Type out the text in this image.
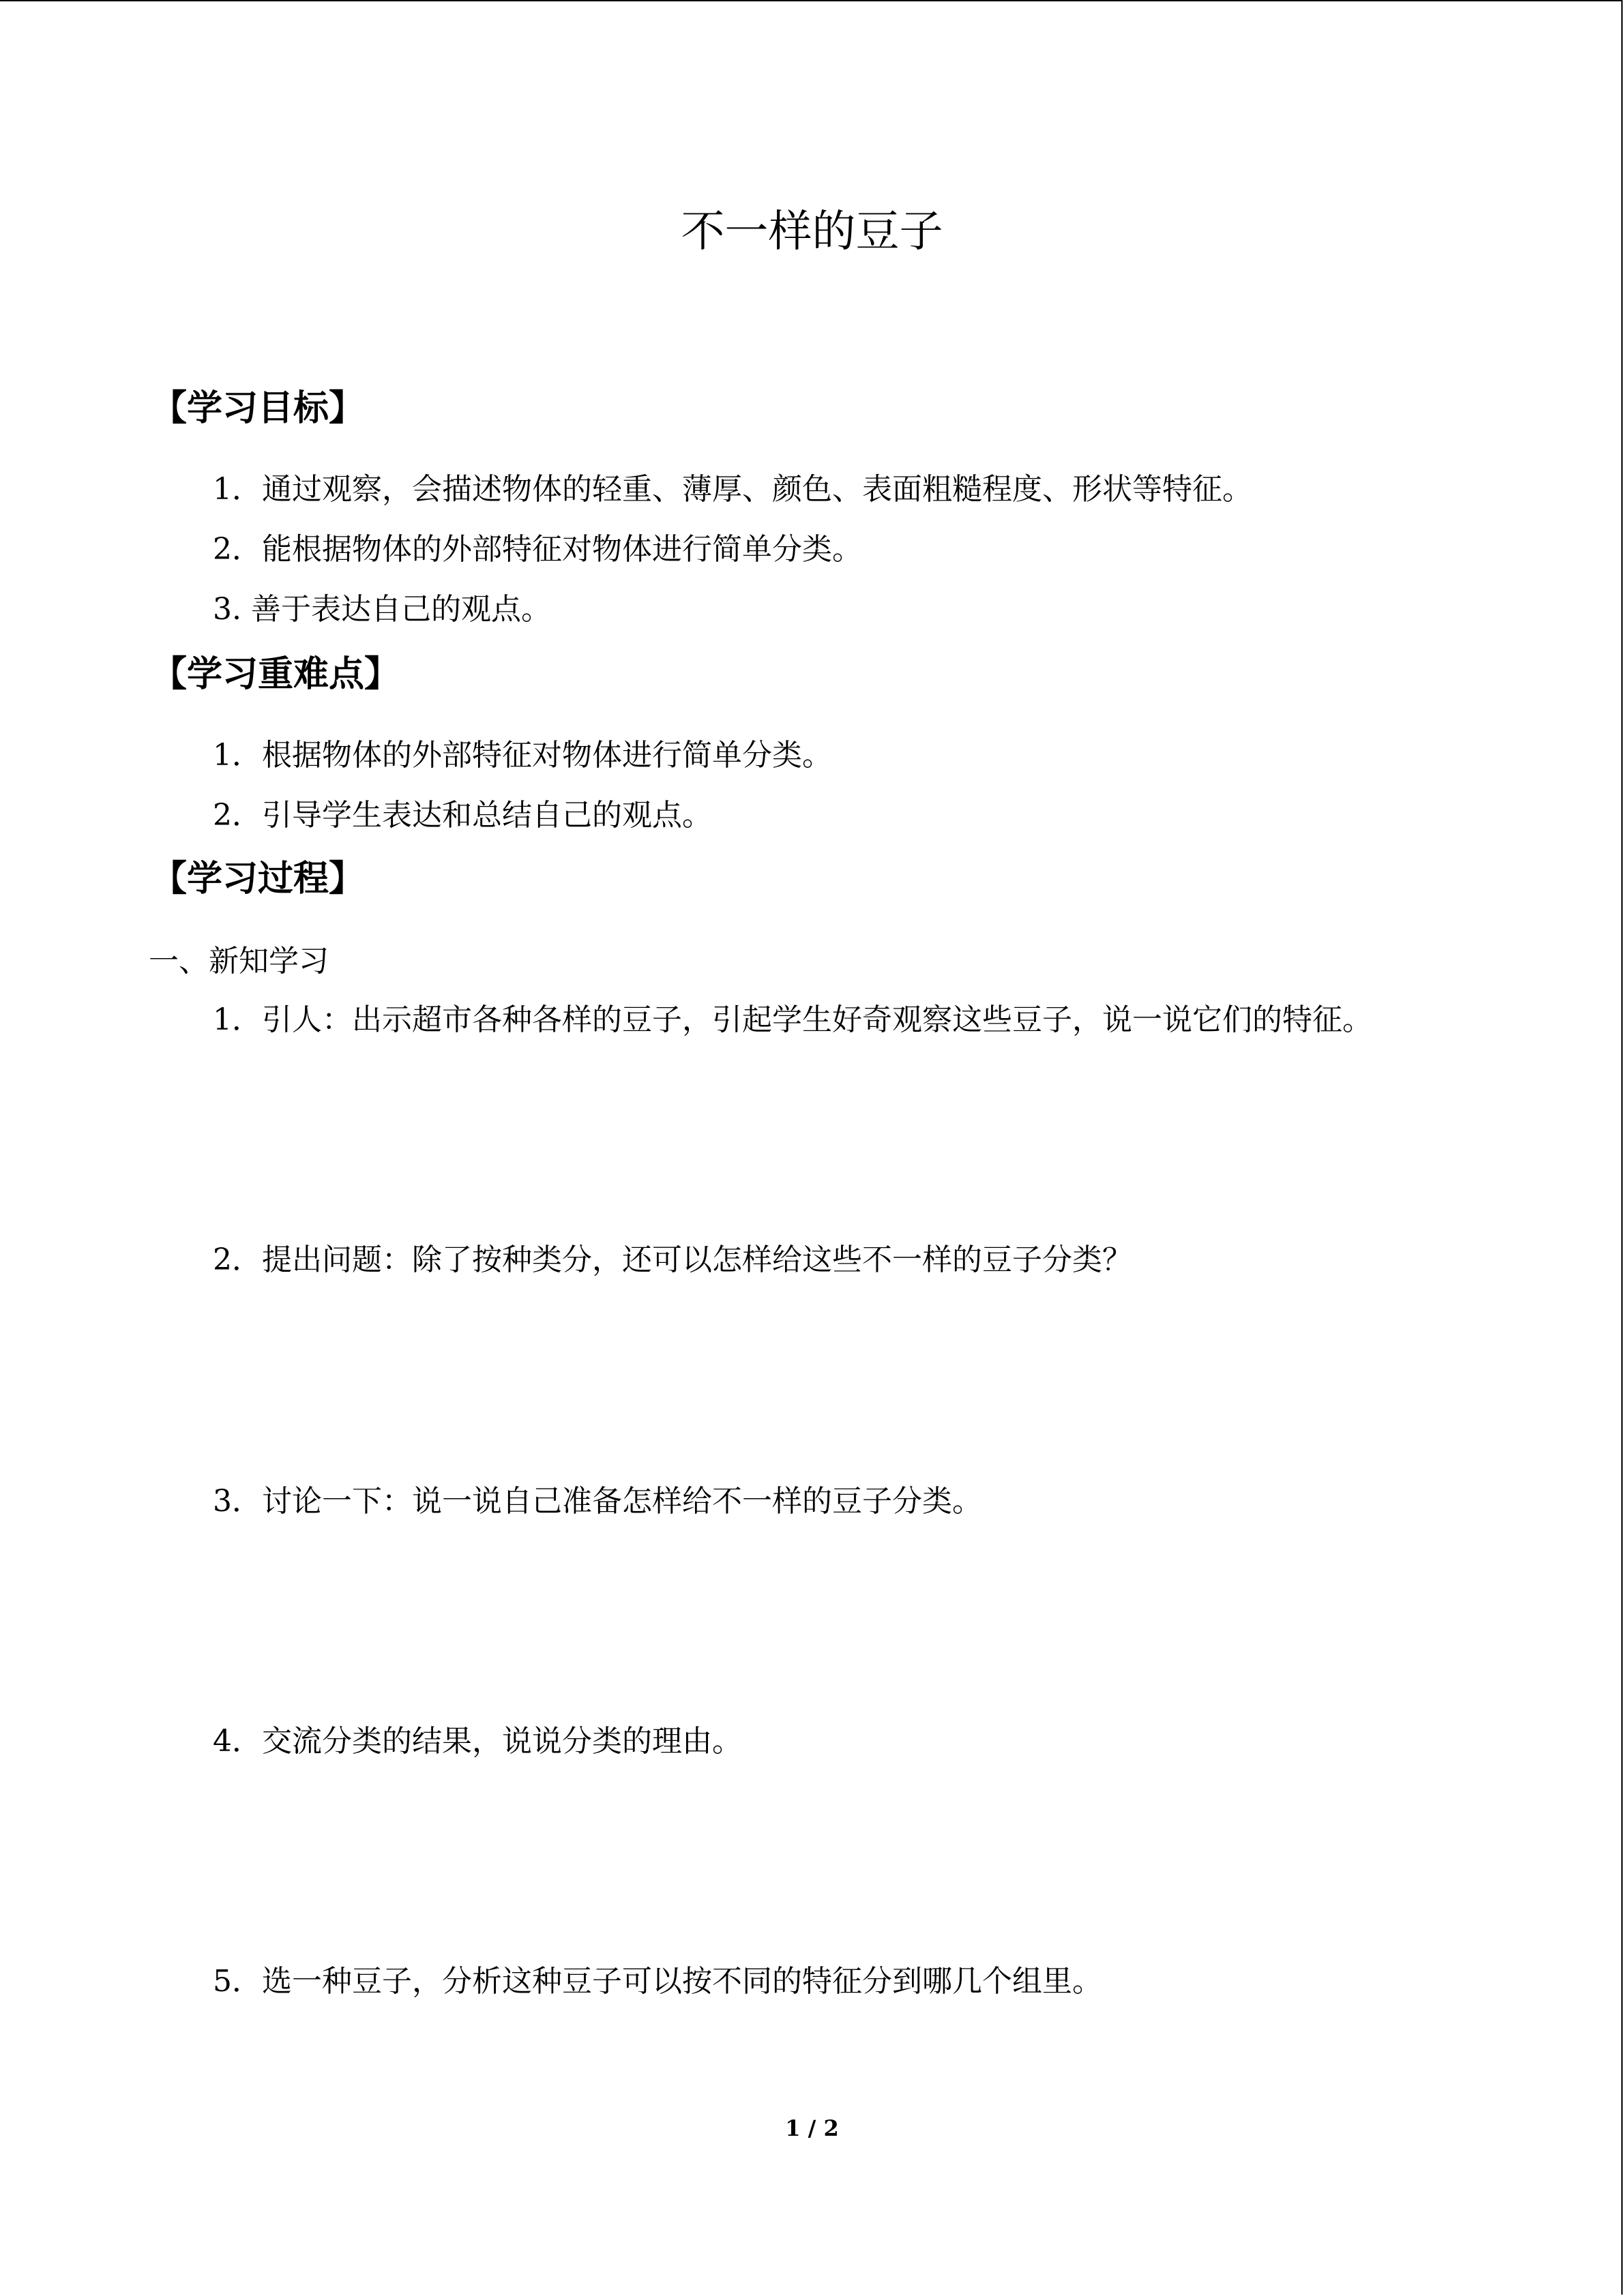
不一样的豆子
【学习目标】
1．通过观察，会描述物体的轻重、薄厚、颜色、表面粗糙程度、形状等特征。
2．能根据物体的外部特征对物体进行简单分类。
3. 善于表达自己的观点。
【学习重难点】
1．根据物体的外部特征对物体进行简单分类。
2．引导学生表达和总结自己的观点。
【学习过程】
一、新知学习
1．引人：出示超市各种各样的豆子，引起学生好奇观察这些豆子，说一说它们的特征。
2．提出问题：除了按种类分，还可以怎样给这些不一样的豆子分类？
3．讨论一下：说一说自己准备怎样给不一样的豆子分类。
4．交流分类的结果，说说分类的理由。
5．选一种豆子，分析这种豆子可以按不同的特征分到哪几个组里。
1 / 2
